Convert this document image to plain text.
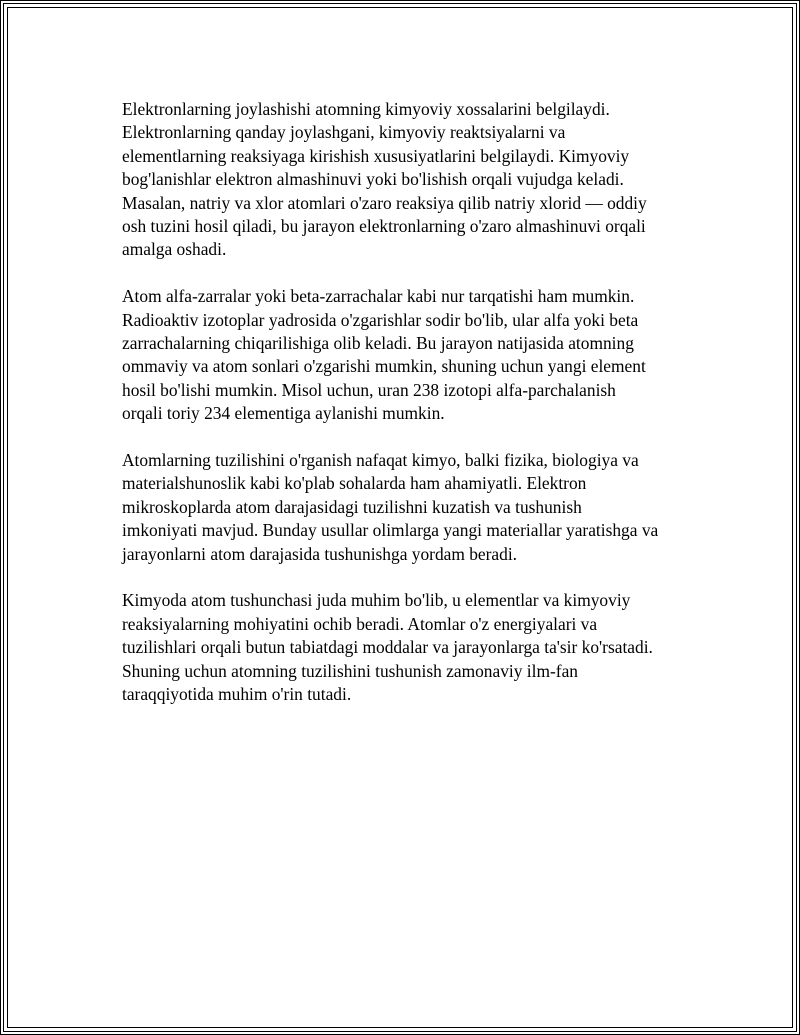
Elektronlarning joylashishi atomning kimyoviy xossalarini belgilaydi.
Elektronlarning qanday joylashgani, kimyoviy reaktsiyalarni va
elementlarning reaksiyaga kirishish xususiyatlarini belgilaydi. Kimyoviy
bog'lanishlar elektron almashinuvi yoki bo'lishish orqali vujudga keladi.
Masalan, natriy va xlor atomlari o'zaro reaksiya qilib natriy xlorid — oddiy
osh tuzini hosil qiladi, bu jarayon elektronlarning o'zaro almashinuvi orqali
amalga oshadi.

Atom alfa-zarralar yoki beta-zarrachalar kabi nur tarqatishi ham mumkin.
Radioaktiv izotoplar yadrosida o'zgarishlar sodir bo'lib, ular alfa yoki beta
zarrachalarning chiqarilishiga olib keladi. Bu jarayon natijasida atomning
ommaviy va atom sonlari o'zgarishi mumkin, shuning uchun yangi element
hosil bo'lishi mumkin. Misol uchun, uran 238 izotopi alfa-parchalanish
orqali toriy 234 elementiga aylanishi mumkin.

Atomlarning tuzilishini o'rganish nafaqat kimyo, balki fizika, biologiya va
materialshunoslik kabi ko'plab sohalarda ham ahamiyatli. Elektron
mikroskoplarda atom darajasidagi tuzilishni kuzatish va tushunish
imkoniyati mavjud. Bunday usullar olimlarga yangi materiallar yaratishga va
jarayonlarni atom darajasida tushunishga yordam beradi.

Kimyoda atom tushunchasi juda muhim bo'lib, u elementlar va kimyoviy
reaksiyalarning mohiyatini ochib beradi. Atomlar o'z energiyalari va
tuzilishlari orqali butun tabiatdagi moddalar va jarayonlarga ta'sir ko'rsatadi.
Shuning uchun atomning tuzilishini tushunish zamonaviy ilm-fan
taraqqiyotida muhim o'rin tutadi.
